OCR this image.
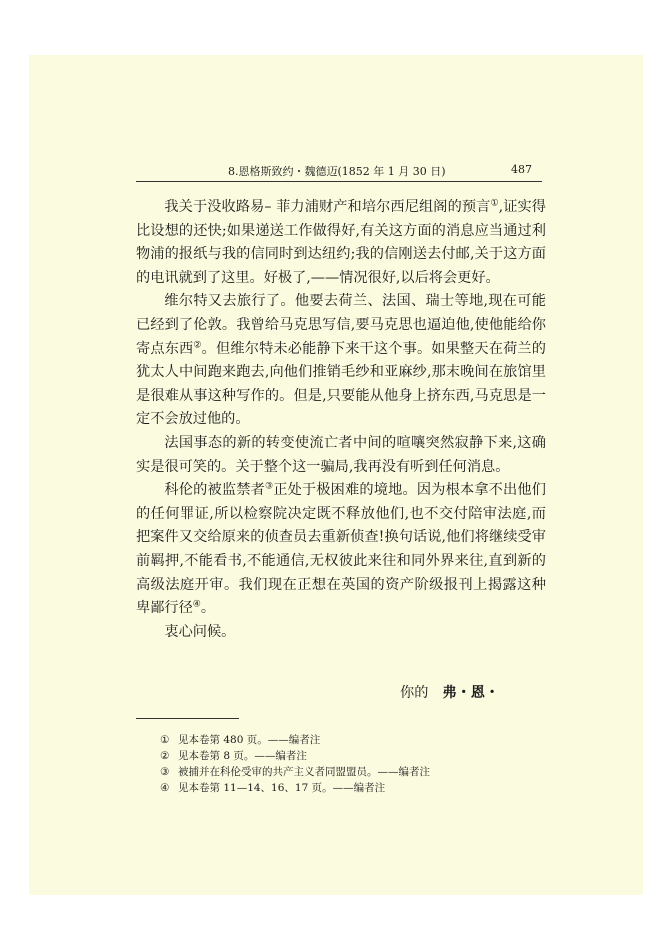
8.恩格斯致约・魏德迈(1852 年 1 月 30 日)	487

我关于没收路易– 菲力浦财产和培尔西尼组阁的预言①,证实得比设想的还快;如果递送工作做得好,有关这方面的消息应当通过利物浦的报纸与我的信同时到达纽约;我的信刚送去付邮,关于这方面的电讯就到了这里。好极了,——情况很好,以后将会更好。

维尔特又去旅行了。他要去荷兰、法国、瑞士等地,现在可能已经到了伦敦。我曾给马克思写信,要马克思也逼迫他,使他能给你寄点东西②。但维尔特未必能静下来干这个事。如果整天在荷兰的犹太人中间跑来跑去,向他们推销毛纱和亚麻纱,那末晚间在旅馆里是很难从事这种写作的。但是,只要能从他身上挤东西,马克思是一定不会放过他的。

法国事态的新的转变使流亡者中间的喧嚷突然寂静下来,这确实是很可笑的。关于整个这一骗局,我再没有听到任何消息。

科伦的被监禁者③正处于极困难的境地。因为根本拿不出他们的任何罪证,所以检察院决定既不释放他们,也不交付陪审法庭,而把案件又交给原来的侦查员去重新侦查!换句话说,他们将继续受审前羁押,不能看书,不能通信,无权彼此来往和同外界来往,直到新的高级法庭开审。我们现在正想在英国的资产阶级报刊上揭露这种卑鄙行径④。

衷心问候。

你的 弗・恩・
① 见本卷第 480 页。——编者注
② 见本卷第 8 页。——编者注
③ 被捕并在科伦受审的共产主义者同盟盟员。——编者注
④ 见本卷第 11—14、16、17 页。——编者注
